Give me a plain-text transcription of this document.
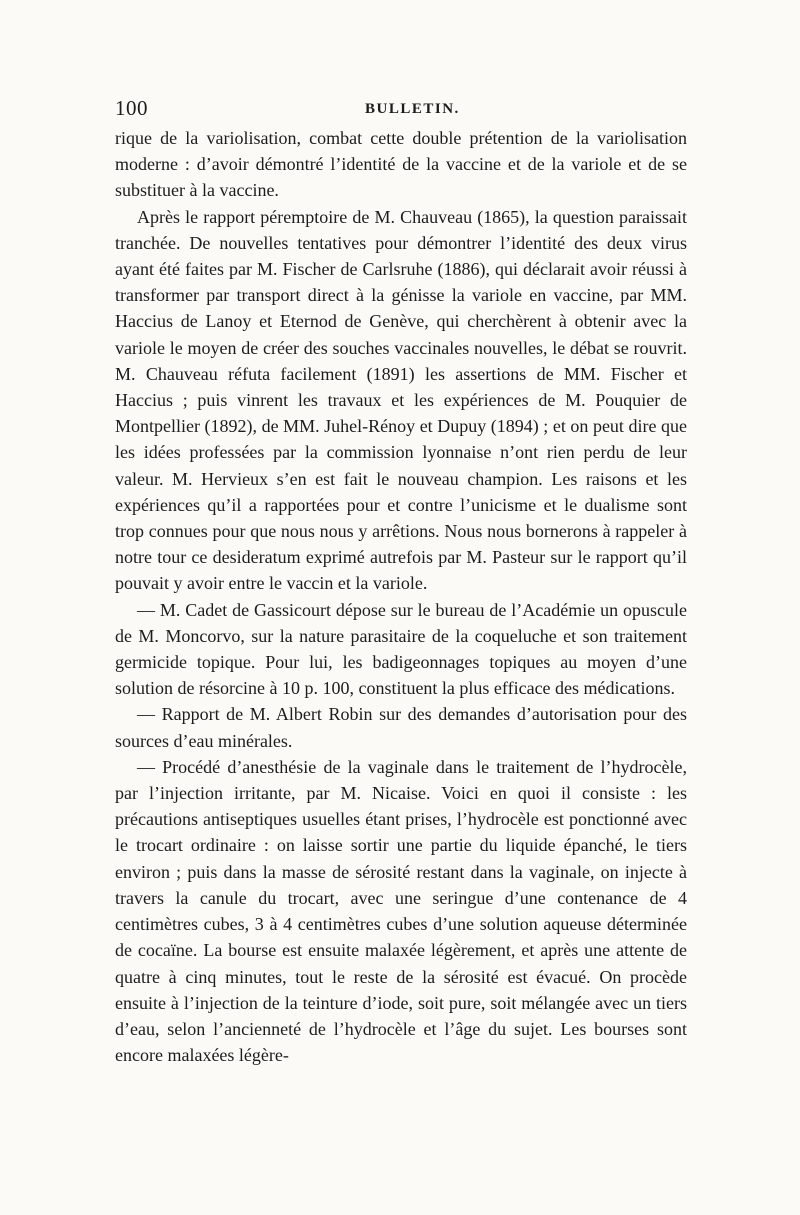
100	BULLETIN.

rique de la variolisation, combat cette double prétention de la variolisation moderne : d’avoir démontré l’identité de la vaccine et de la variole et de se substituer à la vaccine.

Après le rapport péremptoire de M. Chauveau (1865), la question paraissait tranchée. De nouvelles tentatives pour démontrer l’identité des deux virus ayant été faites par M. Fischer de Carlsruhe (1886), qui déclarait avoir réussi à transformer par transport direct à la génisse la variole en vaccine, par MM. Haccius de Lanoy et Eternod de Genève, qui cherchèrent à obtenir avec la variole le moyen de créer des souches vaccinales nouvelles, le débat se rouvrit. M. Chauveau réfuta facilement (1891) les assertions de MM. Fischer et Haccius ; puis vinrent les travaux et les expériences de M. Pouquier de Montpellier (1892), de MM. Juhel-Rénoy et Dupuy (1894) ; et on peut dire que les idées professées par la commission lyonnaise n’ont rien perdu de leur valeur. M. Hervieux s’en est fait le nouveau champion. Les raisons et les expériences qu’il a rapportées pour et contre l’unicisme et le dualisme sont trop connues pour que nous nous y arrêtions. Nous nous bornerons à rappeler à notre tour ce desideratum exprimé autrefois par M. Pasteur sur le rapport qu’il pouvait y avoir entre le vaccin et la variole.

— M. Cadet de Gassicourt dépose sur le bureau de l’Académie un opuscule de M. Moncorvo, sur la nature parasitaire de la coqueluche et son traitement germicide topique. Pour lui, les badigeonnages topiques au moyen d’une solution de résorcine à 10 p. 100, constituent la plus efficace des médications.

— Rapport de M. Albert Robin sur des demandes d’autorisation pour des sources d’eau minérales.

— Procédé d’anesthésie de la vaginale dans le traitement de l’hydrocèle, par l’injection irritante, par M. Nicaise. Voici en quoi il consiste : les précautions antiseptiques usuelles étant prises, l’hydrocèle est ponctionné avec le trocart ordinaire : on laisse sortir une partie du liquide épanché, le tiers environ ; puis dans la masse de sérosité restant dans la vaginale, on injecte à travers la canule du trocart, avec une seringue d’une contenance de 4 centimètres cubes, 3 à 4 centimètres cubes d’une solution aqueuse déterminée de cocaïne. La bourse est ensuite malaxée légèrement, et après une attente de quatre à cinq minutes, tout le reste de la sérosité est évacué. On procède ensuite à l’injection de la teinture d’iode, soit pure, soit mélangée avec un tiers d’eau, selon l’ancienneté de l’hydrocèle et l’âge du sujet. Les bourses sont encore malaxées légère-
